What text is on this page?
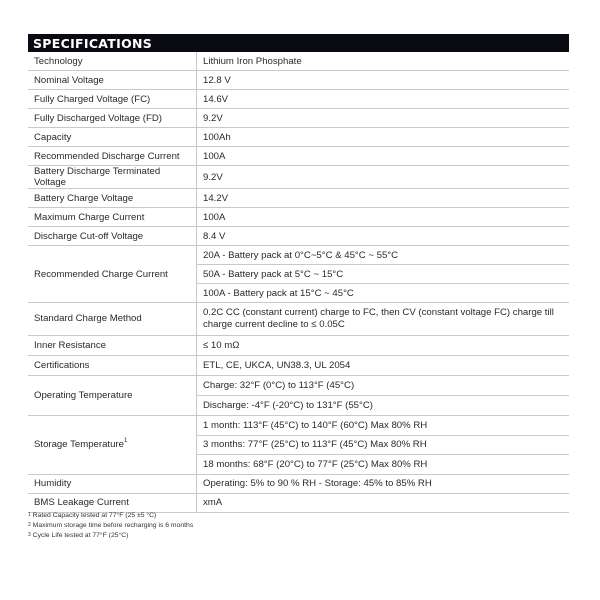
SPECIFICATIONS
Technology	Lithium Iron Phosphate
Nominal Voltage	12.8 V
Fully Charged Voltage (FC)	14.6V
Fully Discharged Voltage (FD)	9.2V
Capacity	100Ah
Recommended Discharge Current	100A
Battery Discharge Terminated Voltage	9.2V
Battery Charge Voltage	14.2V
Maximum Charge Current	100A
Discharge Cut-off Voltage	8.4 V
Recommended Charge Current	20A - Battery pack at 0°C~5°C & 45°C ~ 55°C
	50A - Battery pack at 5°C ~ 15°C
	100A - Battery pack at 15°C ~ 45°C
Standard Charge Method	0.2C CC (constant current) charge to FC, then CV (constant voltage FC) charge till charge current decline to ≤ 0.05C
Inner Resistance	≤ 10 mΩ
Certifications	ETL, CE, UKCA, UN38.3, UL 2054
Operating Temperature	Charge: 32°F (0°C) to 113°F (45°C)
	Discharge: -4°F (-20°C) to 131°F (55°C)
Storage Temperature$^1$	1 month: 113°F (45°C) to 140°F (60°C) Max 80% RH
	3 months: 77°F (25°C) to 113°F (45°C) Max 80% RH
	18 months: 68°F (20°C) to 77°F (25°C) Max 80% RH
Humidity	Operating: 5% to 90 % RH - Storage: 45% to 85% RH
BMS Leakage Current	xmA
$^1$ Rated Capacity tested at 77°F (25 ±5 °C)
$^2$ Maximum storage time before recharging is 6 months
$^3$ Cycle Life tested at 77°F (25°C)
